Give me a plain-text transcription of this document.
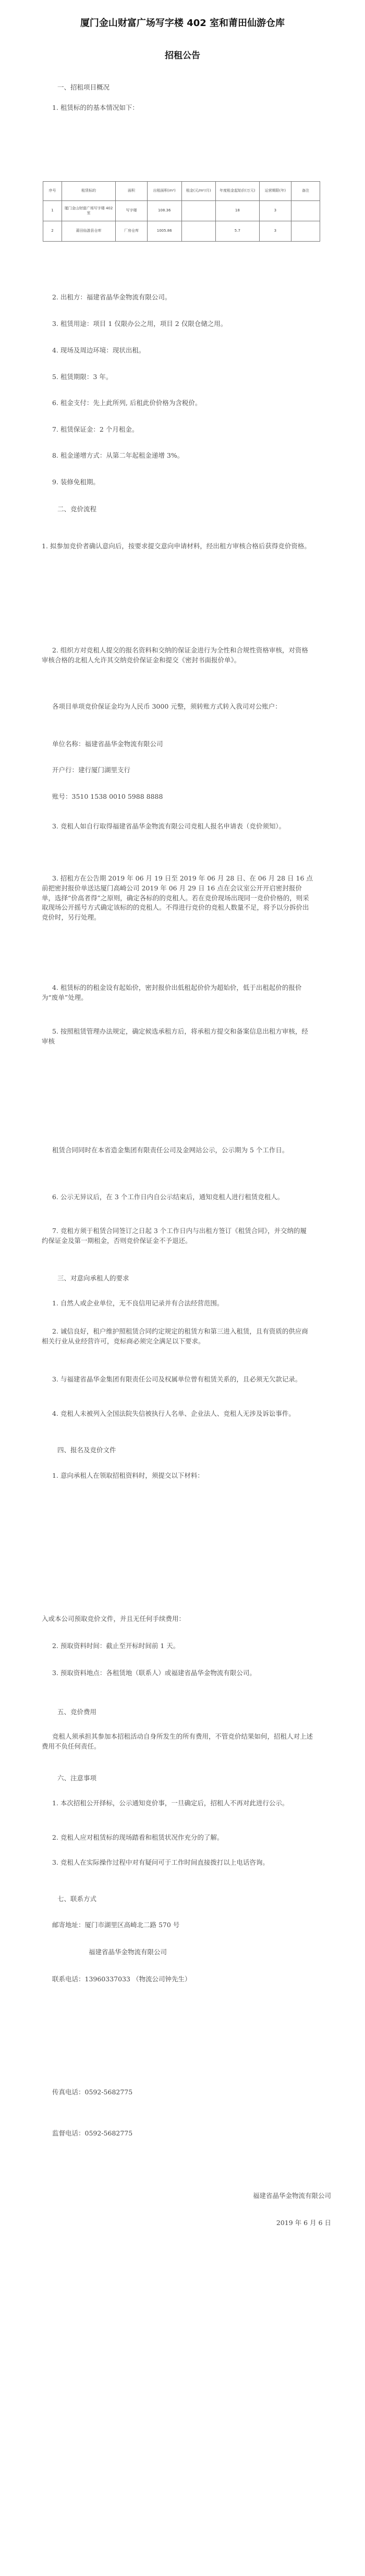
厦门金山财富广场写字楼 402 室和莆田仙游仓库
招租公告
一、招租项目概况
1. 租赁标的的基本情况如下：
序号	租赁标的	面积	出租面积(m²)	租金(元/m²/月)	年度租金起始价(万元)	运营期限(年)	备注
1	厦门金山财富广场写字楼 402 室	写字楼	108.36		18	3	
2	莆田仙游县仓库	厂房仓库	1005.86		5.7	3	
2. 出租方：福建省晶华金物流有限公司。
3. 租赁用途：项目 1 仅限办公之用，项目 2 仅限仓储之用。
4. 现场及周边环境：现状出租。
5. 租赁期限：3 年。
6. 租金支付：先上此所列, 后租此价价格为含税价。
7. 租赁保证金：2 个月租金。
8. 租金递增方式：从第二年起租金递增 3%。
9. 装修免租期。
二、竞价流程
1. 拟参加竞价者确认意向后，按要求提交意向申请材料，经出租方审核合格后获得竞价资格。
2. 组织方对竞租人提交的报名资料和交纳的保证金进行为全性和合规性资格审核，对资格审核合格的北租人允许其交纳竞价保证金和提交《密封书面报价单》。
各项目单项竞价保证金均为人民币 3000 元整，须转账方式转入我司对公账户：
单位名称：福建省晶华金物流有限公司
开户行：建行厦门湖里支行
账号：3510 1538 0010 5988 8888
3. 竞租人如自行取得福建省晶华金物流有限公司竞租人报名申请表（竞价须知）。
3. 招租方在公告期 2019 年 06 月 19 日至 2019 年 06 月 28 日、在 06 月 28 日 16 点前把密封报价单送达厦门高崎公司 2019 年 06 月 29 日 16 点在会议室公开开启密封报价单，选择“价高者得”之原则，确定各标的的竞租人。若在竞价现场出现同一竞价价格的，则采取现场公开摇号方式确定该标的的竞租人。不得进行竞价的竞租人数量不足，将予以分拆价出竞价时，另行处理。
4. 租赁标的的租金设有起始价，密封报价出低租起价价为超始价，低于出租起价的报价为“废单”处理。
5. 按照租赁管理办法规定，确定候选承租方后，将承租方提交和备案信息出租方审核，经审核
租赁合同同时在本省造金集团有限责任公司及金网站公示，公示期为 5 个工作日。
6. 公示无异议后，在 3 个工作日内自公示结束后，通知竞租人进行租赁竞租人。
7. 竞租方须于租赁合同签订之日起 3 个工作日内与出租方签订《租赁合同》，并交纳的履约保证金及第一期租金，否则竞价保证金不予退还。
三、对意向承租人的要求
1. 自然人或企业单位，无不良信用记录并有合法经营范围。
2. 诚信良好，租户维护照租赁合同约定规定的租赁方和第三进入租赁，且有资质的供应商相关行业从业经营许可，竞标商必须完全满足以下要求。
3. 与福建省晶华金集团有限责任公司及权属单位曾有租赁关系的，且必须无欠款记录。
4. 竞租人未被列入全国法院失信被执行人名单、企业法人、竞租人无涉及诉讼事件。
四、报名及竞价文件
1. 意向承租人在领取招租资料时，须提交以下材料：
入或本公司预取竞价文件，并且无任何手续费用：
2. 预取资料时间：截止至开标时间前 1 天。
3. 预取资料地点：各租赁地（联系人）或福建省晶华金物流有限公司。
五、竞价费用
竞租人须承担其参加本招租活动自身所发生的所有费用，不管竞价结果如何，招租人对上述费用不负任何责任。
六、注意事项
1. 本次招租公开择标，公示通知竞价事，一旦确定后，招租人不再对此进行公示。
2. 竞租人应对租赁标的现场踏看和租赁状况作充分的了解。
3. 竞租人在实际操作过程中对有疑问可于工作时间直接拨打以上电话咨询。
七、联系方式
邮寄地址：厦门市湖里区高崎北二路 570 号
福建省晶华金物流有限公司
联系电话：13960337033 （物流公司钟先生）
传真电话：0592-5682775
监督电话：0592-5682775
福建省晶华金物流有限公司
2019 年 6 月 6 日
